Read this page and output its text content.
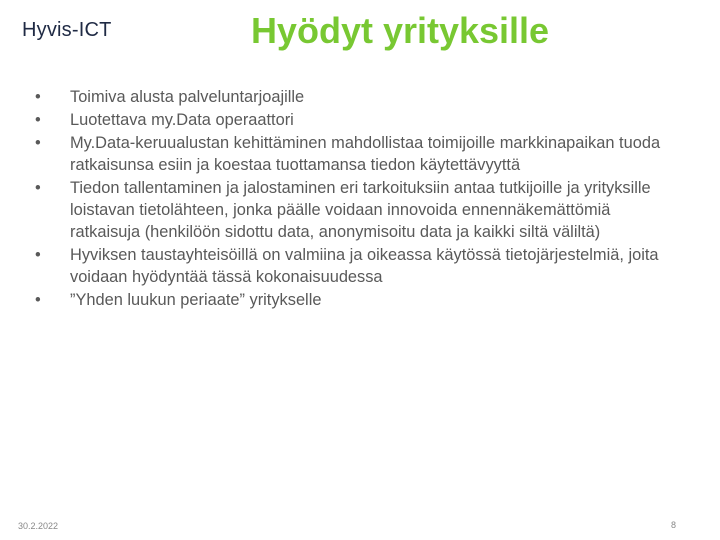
Hyvis-ICT	Hyödyt yrityksille
•	Toimiva alusta palveluntarjoajille
•	Luotettava my.Data operaattori
•	My.Data-keruualustan kehittäminen mahdollistaa toimijoille markkinapaikan tuoda ratkaisunsa esiin ja koestaa tuottamansa tiedon käytettävyyttä
•	Tiedon tallentaminen ja jalostaminen eri tarkoituksiin antaa tutkijoille ja yrityksille loistavan tietolähteen, jonka päälle voidaan innovoida ennennäkemättömiä ratkaisuja (henkilöön sidottu data, anonymisoitu data ja kaikki siltä väliltä)
•	Hyviksen taustayhteisöillä on valmiina ja oikeassa käytössä tietojärjestelmiä, joita voidaan hyödyntää tässä kokonaisuudessa
•	”Yhden luukun periaate” yritykselle
30.2.2022	8
